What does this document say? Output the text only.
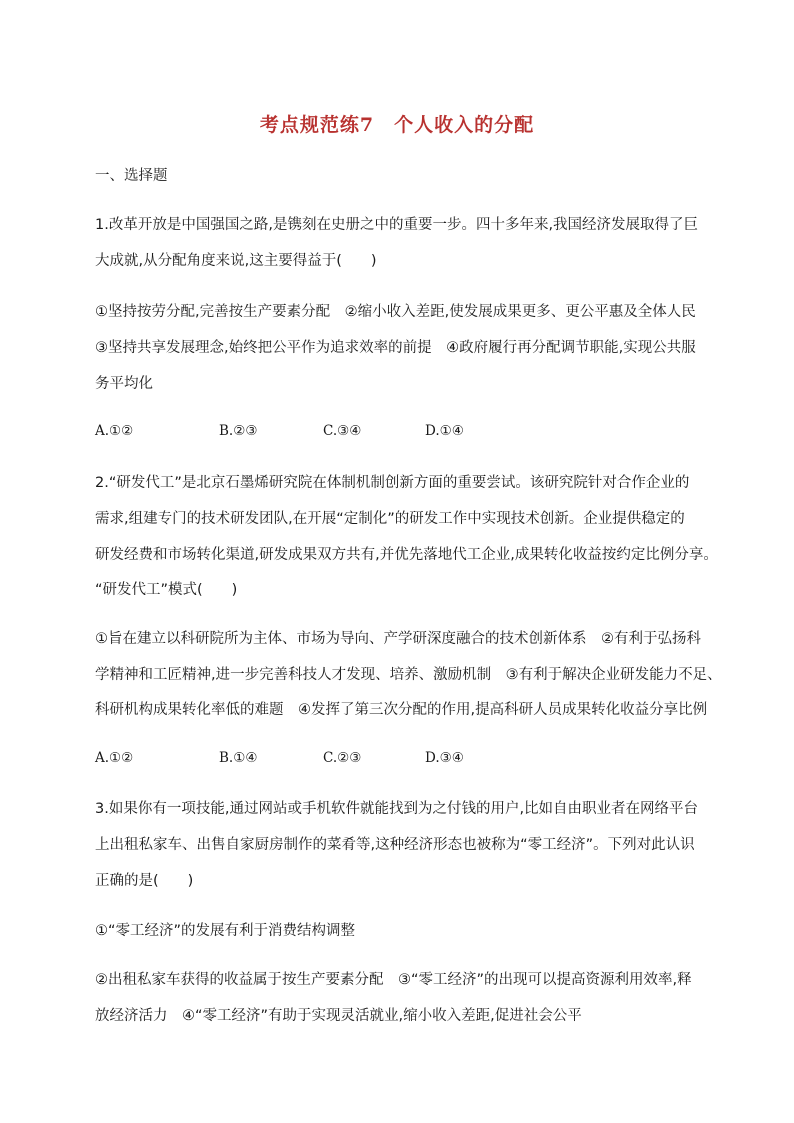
考点规范练7　个人收入的分配
一、选择题
1.改革开放是中国强国之路,是镌刻在史册之中的重要一步。四十多年来,我国经济发展取得了巨
大成就,从分配角度来说,这主要得益于(　　)
①坚持按劳分配,完善按生产要素分配　②缩小收入差距,使发展成果更多、更公平惠及全体人民
③坚持共享发展理念,始终把公平作为追求效率的前提　④政府履行再分配调节职能,实现公共服
务平均化
A.①②	B.②③	C.③④	D.①④
2.“研发代工”是北京石墨烯研究院在体制机制创新方面的重要尝试。该研究院针对合作企业的
需求,组建专门的技术研发团队,在开展“定制化”的研发工作中实现技术创新。企业提供稳定的
研发经费和市场转化渠道,研发成果双方共有,并优先落地代工企业,成果转化收益按约定比例分享。
“研发代工”模式(　　)
①旨在建立以科研院所为主体、市场为导向、产学研深度融合的技术创新体系　②有利于弘扬科
学精神和工匠精神,进一步完善科技人才发现、培养、激励机制　③有利于解决企业研发能力不足、
科研机构成果转化率低的难题　④发挥了第三次分配的作用,提高科研人员成果转化收益分享比例
A.①②	B.①④	C.②③	D.③④
3.如果你有一项技能,通过网站或手机软件就能找到为之付钱的用户,比如自由职业者在网络平台
上出租私家车、出售自家厨房制作的菜肴等,这种经济形态也被称为“零工经济”。下列对此认识
正确的是(　　)
①“零工经济”的发展有利于消费结构调整
②出租私家车获得的收益属于按生产要素分配　③“零工经济”的出现可以提高资源利用效率,释
放经济活力　④“零工经济”有助于实现灵活就业,缩小收入差距,促进社会公平
